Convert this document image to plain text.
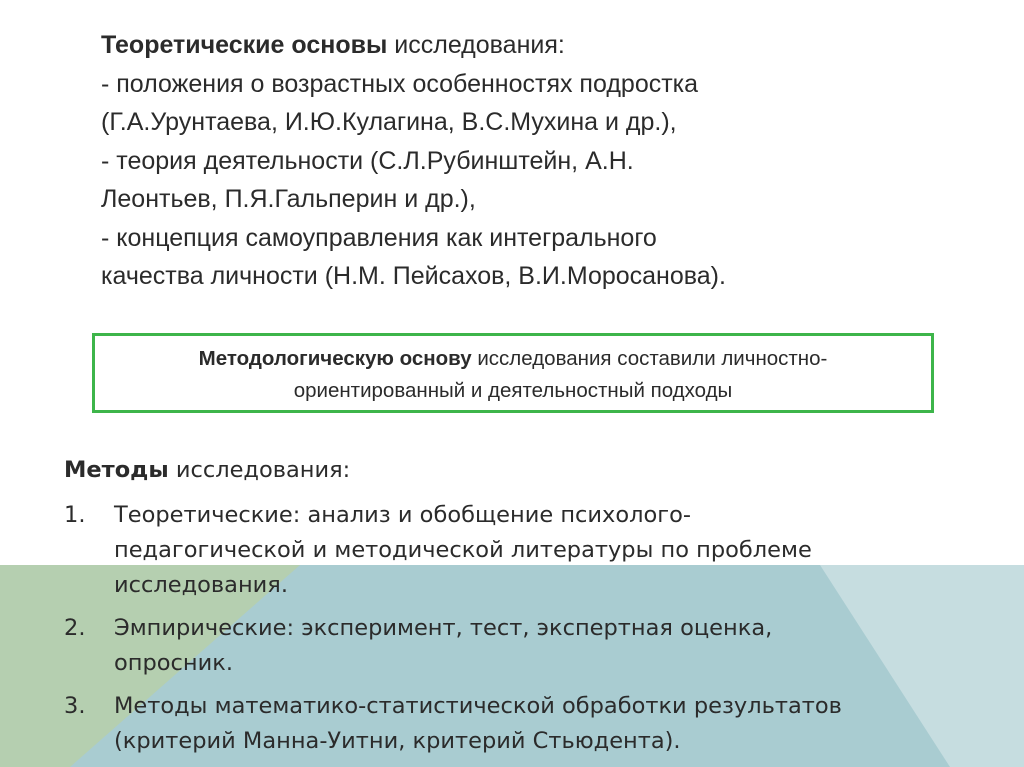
Теоретические основы исследования:
- положения о возрастных особенностях подростка
(Г.А.Урунтаева, И.Ю.Кулагина, В.С.Мухина и др.),
- теория деятельности (С.Л.Рубинштейн, А.Н.
Леонтьев, П.Я.Гальперин и др.),
- концепция самоуправления как интегрального
качества личности (Н.М. Пейсахов, В.И.Моросанова).
Методологическую основу исследования составили личностно-
ориентированный и деятельностный подходы
Методы исследования:
1. Теоретические: анализ и обобщение психолого-
педагогической и методической литературы по проблеме
исследования.
2. Эмпирические: эксперимент, тест, экспертная оценка,
опросник.
3. Методы математико-статистической обработки результатов
(критерий Манна-Уитни, критерий Стьюдента).
